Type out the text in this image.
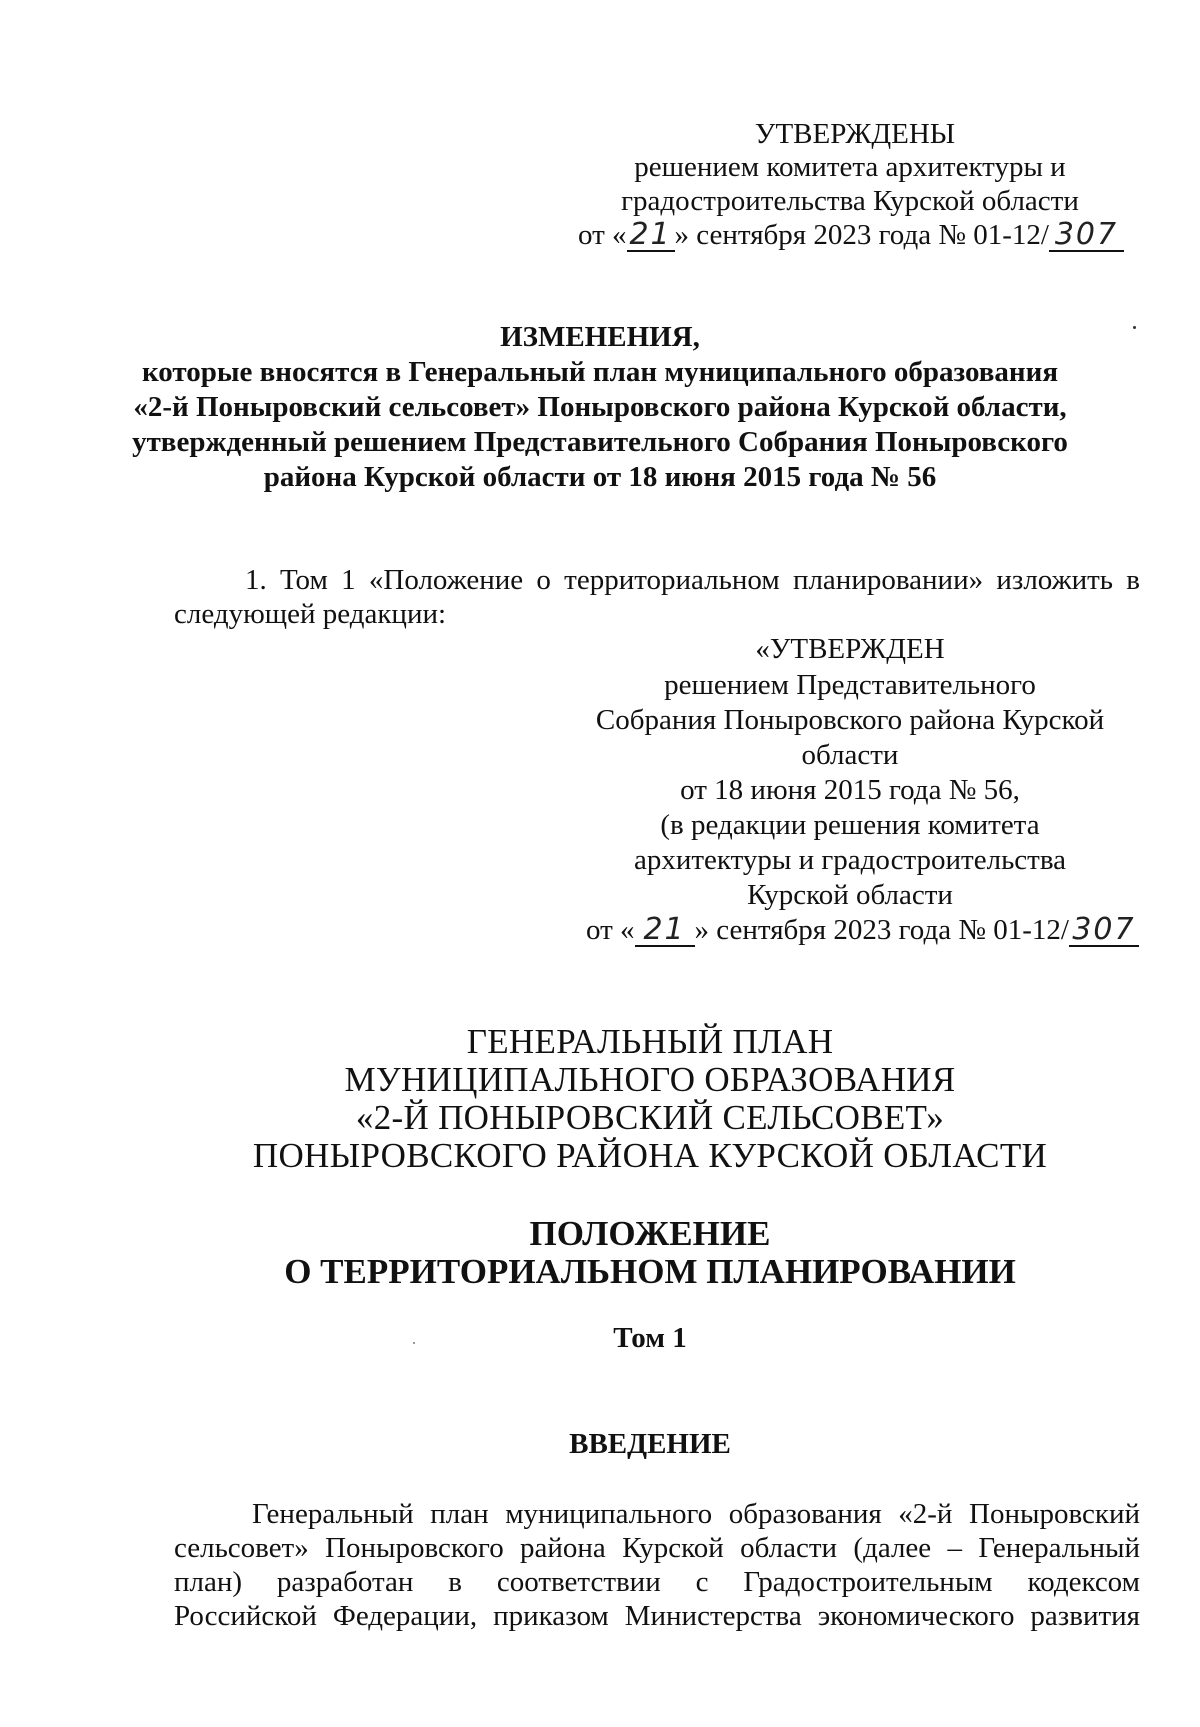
УТВЕРЖДЕНЫ
решением комитета архитектуры и
градостроительства Курской области
от «21 » сентября 2023 года № 01-12/ 307
ИЗМЕНЕНИЯ,
которые вносятся в Генеральный план муниципального образования
«2-й Поныровский сельсовет» Поныровского района Курской области,
утвержденный решением Представительного Собрания Поныровского
района Курской области от 18 июня 2015 года № 56
1. Том 1 «Положение о территориальном планировании» изложить в
следующей редакции:
«УТВЕРЖДЕН
решением Представительного
Собрания Поныровского района Курской
области
от 18 июня 2015 года № 56,
(в редакции решения комитета
архитектуры и градостроительства
Курской области
от « 21 » сентября 2023 года № 01-12/ 307
ГЕНЕРАЛЬНЫЙ ПЛАН
МУНИЦИПАЛЬНОГО ОБРАЗОВАНИЯ
«2-Й ПОНЫРОВСКИЙ СЕЛЬСОВЕТ»
ПОНЫРОВСКОГО РАЙОНА КУРСКОЙ ОБЛАСТИ
ПОЛОЖЕНИЕ
О ТЕРРИТОРИАЛЬНОМ ПЛАНИРОВАНИИ
Том 1
ВВЕДЕНИЕ
Генеральный план муниципального образования «2-й Поныровский
сельсовет» Поныровского района Курской области (далее – Генеральный
план) разработан в соответствии с Градостроительным кодексом
Российской Федерации, приказом Министерства экономического развития
